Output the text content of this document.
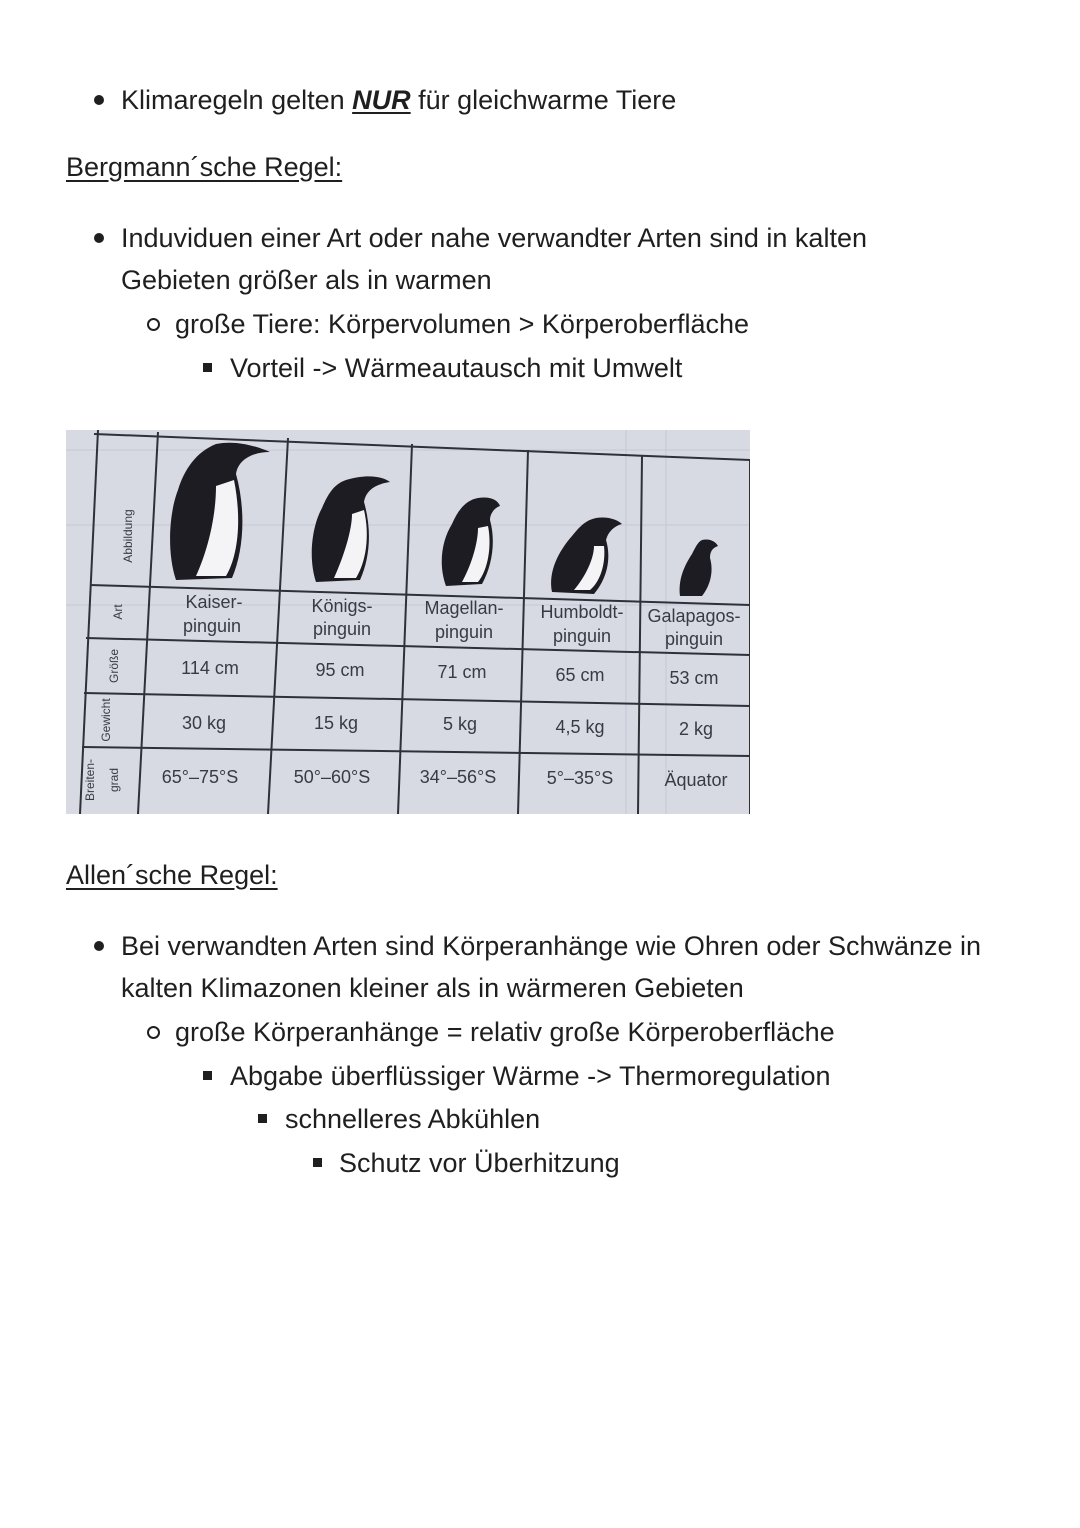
Klimaregeln gelten NUR für gleichwarme Tiere
Bergmann´sche Regel:
Induviduen einer Art oder nahe verwandter Arten sind in kalten
Gebieten größer als in warmen
große Tiere: Körpervolumen > Körperoberfläche
Vorteil -> Wärmeautausch mit Umwelt
Abbildung
Art
Größe
Gewicht
Breiten- grad
Kaiser-
pinguin
114 cm
30 kg
65°–75°S
Königs-
pinguin
95 cm
15 kg
50°–60°S
Magellan-
pinguin
71 cm
5 kg
34°–56°S
Humboldt-
pinguin
65 cm
4,5 kg
5°–35°S
Galapagos-
pinguin
53 cm
2 kg
Äquator
Allen´sche Regel:
Bei verwandten Arten sind Körperanhänge wie Ohren oder Schwänze in
kalten Klimazonen kleiner als in wärmeren Gebieten
große Körperanhänge = relativ große Körperoberfläche
Abgabe überflüssiger Wärme -> Thermoregulation
schnelleres Abkühlen
Schutz vor Überhitzung
